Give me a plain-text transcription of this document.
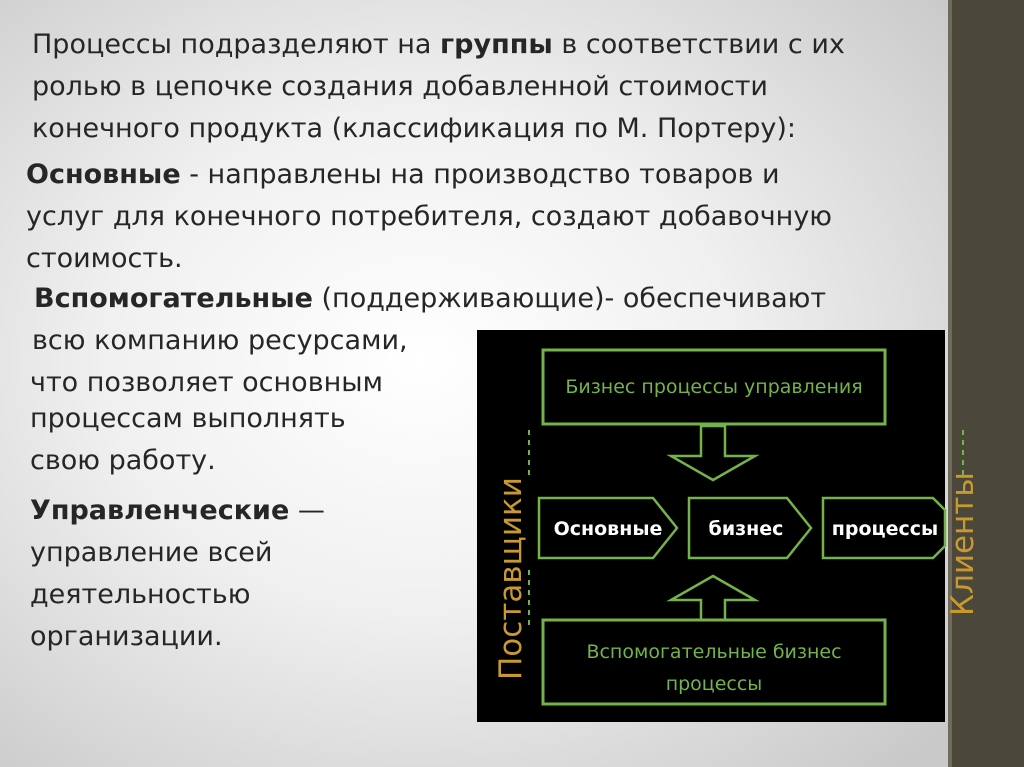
Процессы подразделяют на группы в соответствии с их
ролью в цепочке создания добавленной стоимости
конечного продукта (классификация по М. Портеру):
Основные - направлены на производство товаров и
услуг для конечного потребителя, создают добавочную
стоимость.
Вспомогательные (поддерживающие)- обеспечивают
всю компанию ресурсами,
что позволяет основным
процессам выполнять
свою работу.
Управленческие —
управление всей
деятельностью
организации.
Бизнес процессы управления
Основные бизнес	процессы
Вспомогательные бизнес
процессы
Поставщики	Клиенты
